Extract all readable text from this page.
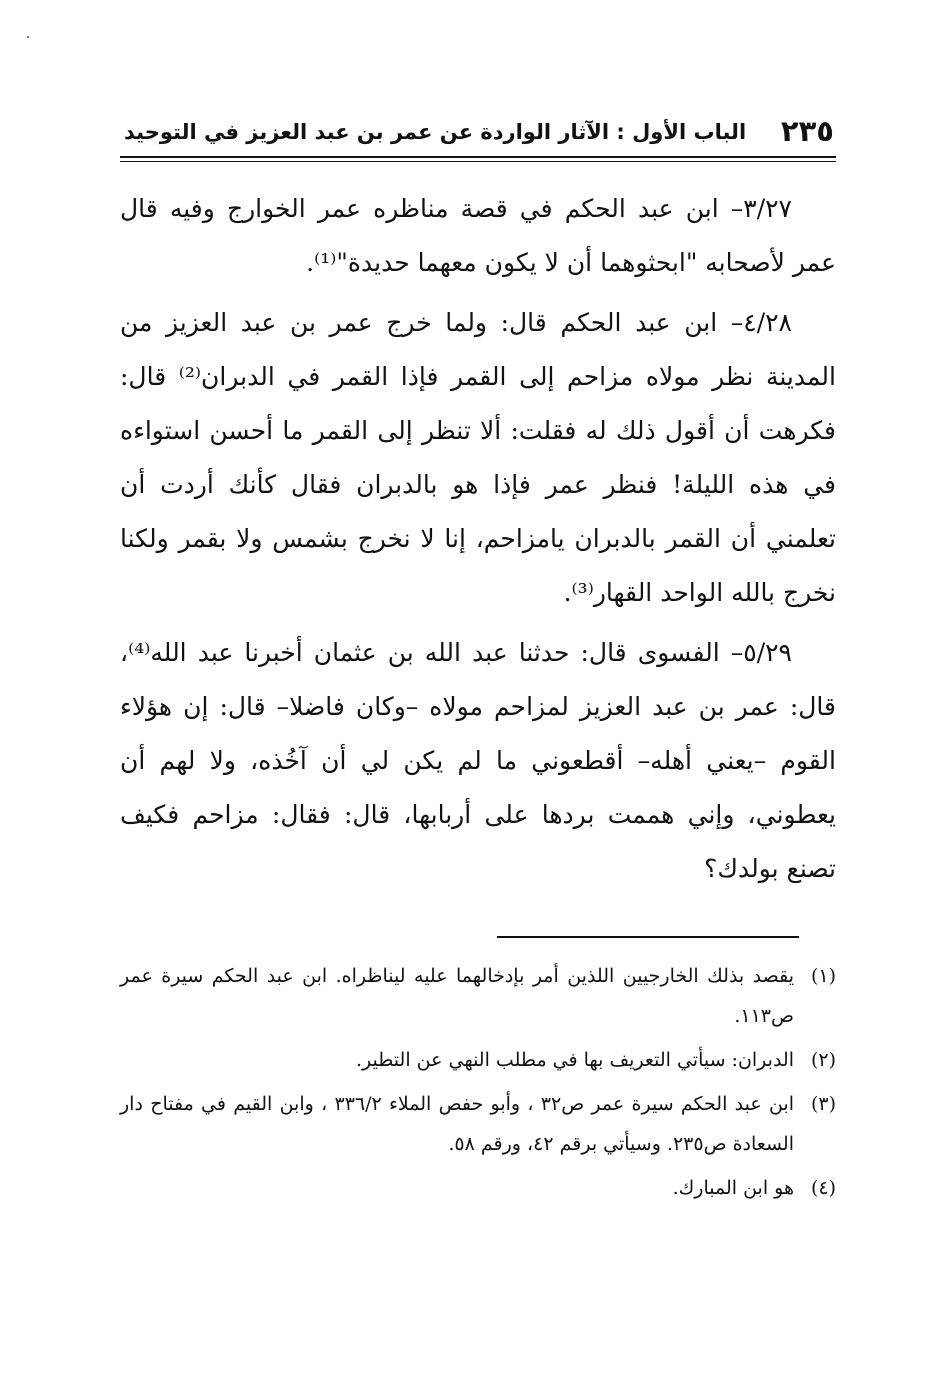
٢٣٥
الباب الأول : الآثار الواردة عن عمر بن عبد العزيز في التوحيد

٣/٢٧– ابن عبد الحكم في قصة مناظره عمر الخوارج وفيه قال عمر لأصحابه "ابحثوهما أن لا يكون معهما حديدة"⁽¹⁾.

٤/٢٨– ابن عبد الحكم قال: ولما خرج عمر بن عبد العزيز من المدينة نظر مولاه مزاحم إلى القمر فإذا القمر في الدبران⁽²⁾ قال: فكرهت أن أقول ذلك له فقلت: ألا تنظر إلى القمر ما أحسن استواءه في هذه الليلة! فنظر عمر فإذا هو بالدبران فقال كأنك أردت أن تعلمني أن القمر بالدبران يامزاحم، إنا لا نخرج بشمس ولا بقمر ولكنا نخرج بالله الواحد القهار⁽³⁾.

٥/٢٩– الفسوى قال: حدثنا عبد الله بن عثمان أخبرنا عبد الله⁽⁴⁾، قال: عمر بن عبد العزيز لمزاحم مولاه –وكان فاضلا– قال: إن هؤلاء القوم –يعني أهله– أقطعوني ما لم يكن لي أن آخُذه، ولا لهم أن يعطوني، وإني هممت بردها على أربابها، قال: فقال: مزاحم فكيف تصنع بولدك؟

(١)
يقصد بذلك الخارجيين اللذين أمر بإدخالهما عليه ليناظراه. ابن عبد الحكم سيرة عمر ص١١٣.
(٢)
الدبران: سيأتي التعريف بها في مطلب النهي عن التطير.
(٣)
ابن عبد الحكم سيرة عمر ص٣٢ ، وأبو حفص الملاء ٣٣٦/٢ ، وابن القيم في مفتاح دار السعادة ص٢٣٥. وسيأتي برقم ٤٢، ورقم ٥٨.
(٤)
هو ابن المبارك.
